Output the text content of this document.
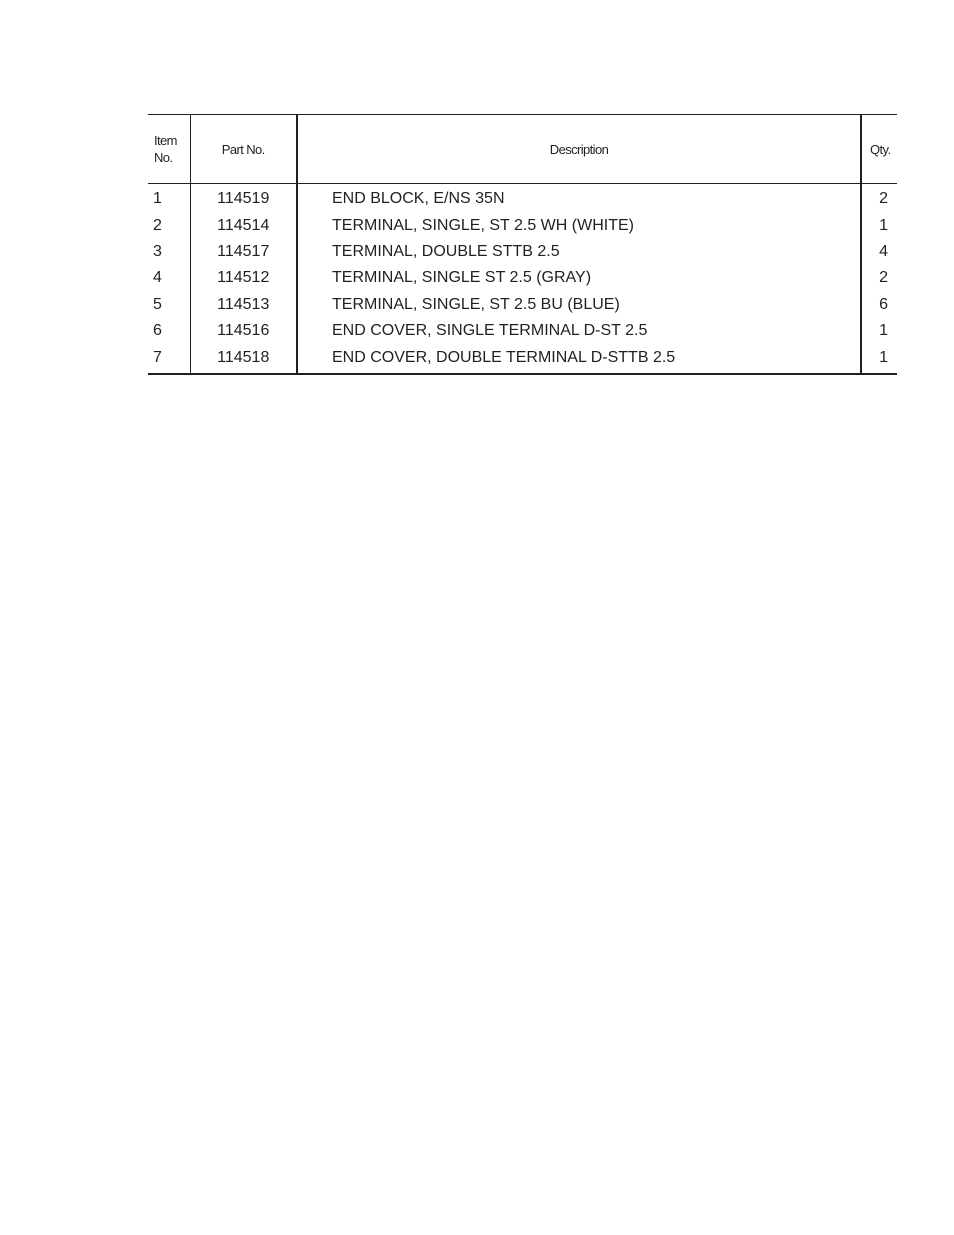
Item
No.	Part No.	Description	Qty.
1	114519	END BLOCK, E/NS 35N	2
2	114514	TERMINAL, SINGLE, ST 2.5 WH (WHITE)	1
3	114517	TERMINAL, DOUBLE STTB 2.5	4
4	114512	TERMINAL, SINGLE ST 2.5 (GRAY)	2
5	114513	TERMINAL, SINGLE, ST 2.5 BU (BLUE)	6
6	114516	END COVER, SINGLE TERMINAL D-ST 2.5	1
7	114518	END COVER, DOUBLE TERMINAL D-STTB 2.5	1
